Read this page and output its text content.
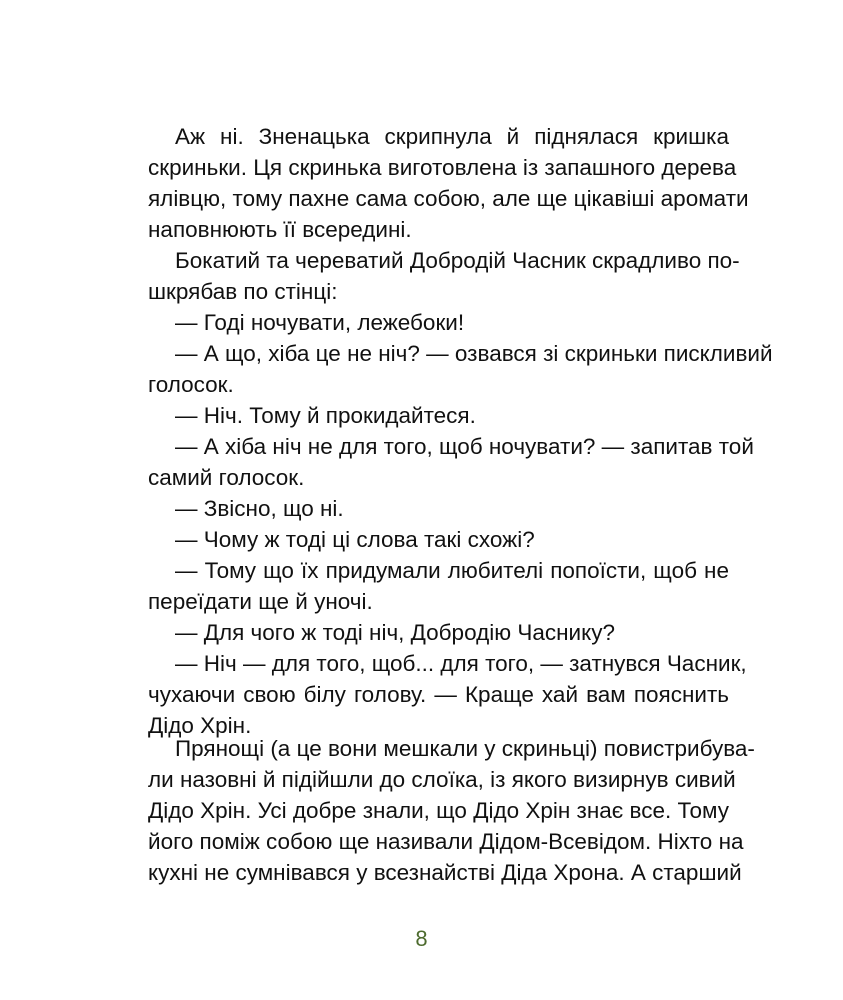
Аж ні. Зненацька скрипнула й піднялася кришка
скриньки. Ця скринька виготовлена із запашного дерева
ялівцю, тому пахне сама собою, але ще цікавіші аромати
наповнюють її всередині.
Бокатий та череватий Добродій Часник скрадливо по-
шкрябав по стінці:
— Годі ночувати, лежебоки!
— А що, хіба це не ніч? — озвався зі скриньки пискливий
голосок.
— Ніч. Тому й прокидайтеся.
— А хіба ніч не для того, щоб ночувати? — запитав той
самий голосок.
— Звісно, що ні.
— Чому ж тоді ці слова такі схожі?
— Тому що їх придумали любителі попоїсти, щоб не
переїдати ще й уночі.
— Для чого ж тоді ніч, Добродію Часнику?
— Ніч — для того, щоб... для того, — затнувся Часник,
чухаючи свою білу голову. — Краще хай вам пояснить
Дідо Хрін.
Прянощі (а це вони мешкали у скриньці) повистрибува-
ли назовні й підійшли до слоїка, із якого визирнув сивий
Дідо Хрін. Усі добре знали, що Дідо Хрін знає все. Тому
його поміж собою ще називали Дідом-Всевідом. Ніхто на
кухні не сумнівався у всезнайстві Діда Хрона. А старший
8
